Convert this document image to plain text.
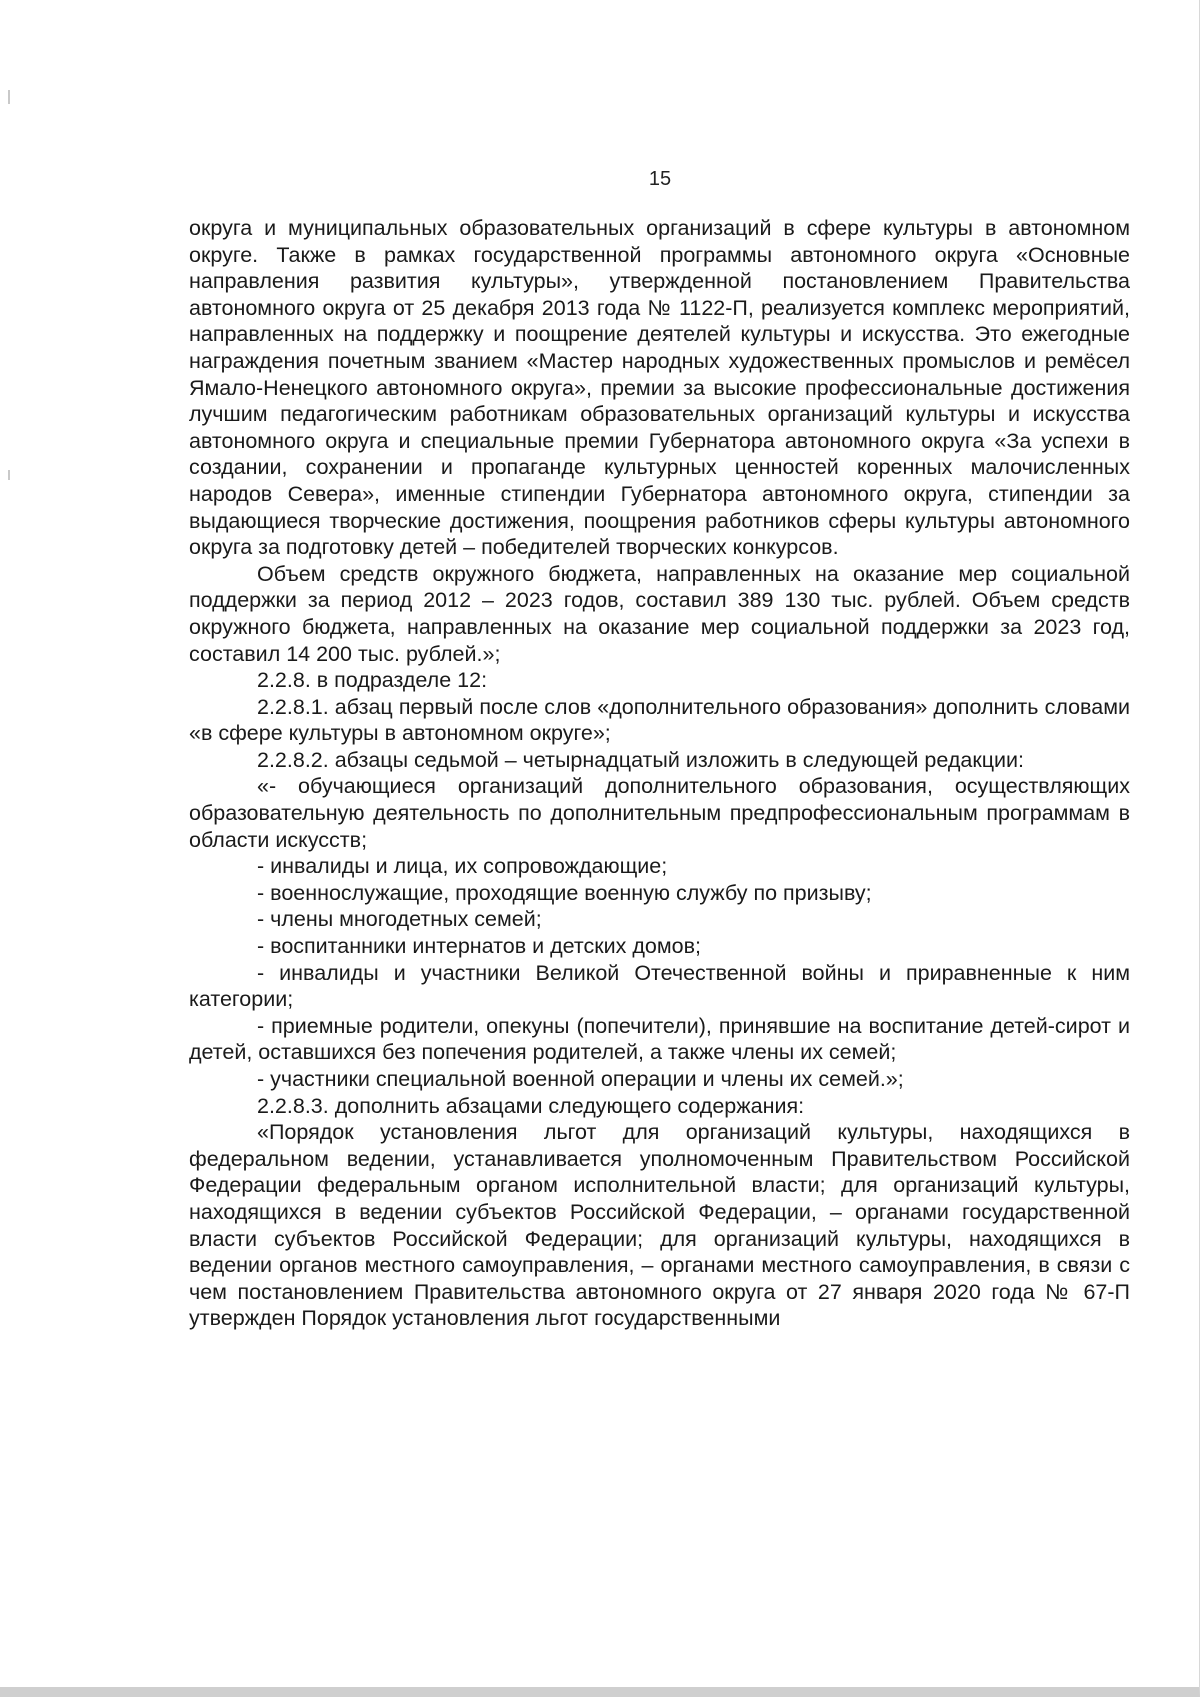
15

округа и муниципальных образовательных организаций в сфере культуры в автономном округе. Также в рамках государственной программы автономного округа «Основные направления развития культуры», утвержденной постановлением Правительства автономного округа от 25 декабря 2013 года № 1122-П, реализуется комплекс мероприятий, направленных на поддержку и поощрение деятелей культуры и искусства. Это ежегодные награждения почетным званием «Мастер народных художественных промыслов и ремёсел Ямало-Ненецкого автономного округа», премии за высокие профессиональные достижения лучшим педагогическим работникам образовательных организаций культуры и искусства автономного округа и специальные премии Губернатора автономного округа «За успехи в создании, сохранении и пропаганде культурных ценностей коренных малочисленных народов Севера», именные стипендии Губернатора автономного округа, стипендии за выдающиеся творческие достижения, поощрения работников сферы культуры автономного округа за подготовку детей – победителей творческих конкурсов.

Объем средств окружного бюджета, направленных на оказание мер социальной поддержки за период 2012 – 2023 годов, составил 389 130 тыс. рублей. Объем средств окружного бюджета, направленных на оказание мер социальной поддержки за 2023 год, составил 14 200 тыс. рублей.»;

2.2.8. в подразделе 12:

2.2.8.1. абзац первый после слов «дополнительного образования» дополнить словами «в сфере культуры в автономном округе»;

2.2.8.2. абзацы седьмой – четырнадцатый изложить в следующей редакции:

«- обучающиеся организаций дополнительного образования, осуществляющих образовательную деятельность по дополнительным предпрофессиональным программам в области искусств;

- инвалиды и лица, их сопровождающие;

- военнослужащие, проходящие военную службу по призыву;

- члены многодетных семей;

- воспитанники интернатов и детских домов;

- инвалиды и участники Великой Отечественной войны и приравненные к ним категории;

- приемные родители, опекуны (попечители), принявшие на воспитание детей-сирот и детей, оставшихся без попечения родителей, а также члены их семей;

- участники специальной военной операции и члены их семей.»;

2.2.8.3. дополнить абзацами следующего содержания:

«Порядок установления льгот для организаций культуры, находящихся в федеральном ведении, устанавливается уполномоченным Правительством Российской Федерации федеральным органом исполнительной власти; для организаций культуры, находящихся в ведении субъектов Российской Федерации, – органами государственной власти субъектов Российской Федерации; для организаций культуры, находящихся в ведении органов местного самоуправления, – органами местного самоуправления, в связи с чем постановлением Правительства автономного округа от 27 января 2020 года № 67-П утвержден Порядок установления льгот государственными
